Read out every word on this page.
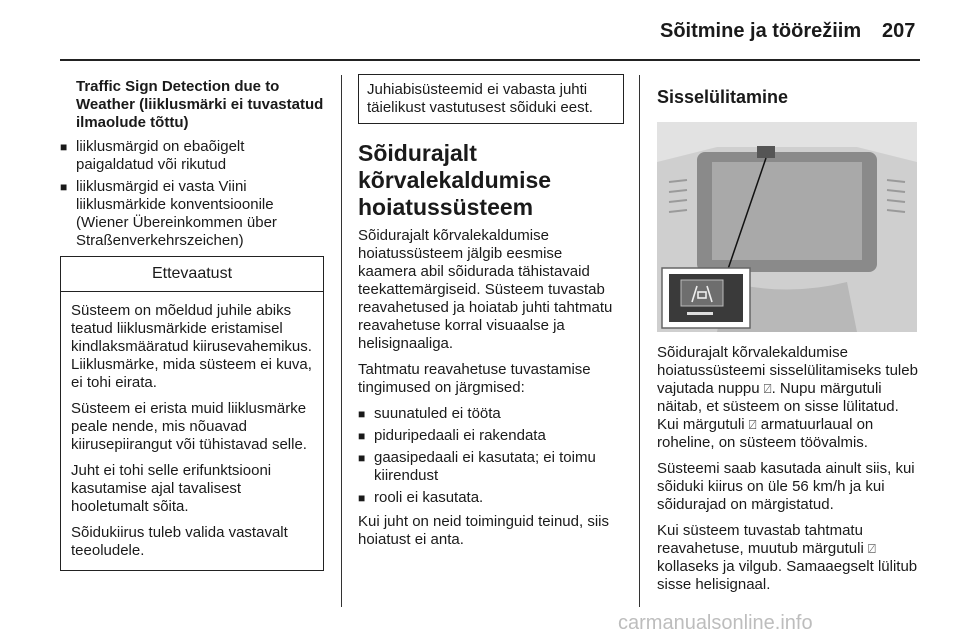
Sõitmine ja töörežiim 207
Traffic Sign Detection due to Weather (liiklusmärki ei tuvastatud ilmaolude tõttu)
■ liiklusmärgid on ebaõigelt paigaldatud või rikutud
■ liiklusmärgid ei vasta Viini liiklusmärkide konventsioonile (Wiener Übereinkommen über Straßenverkehrszeichen)
Ettevaatust

Süsteem on mõeldud juhile abiks teatud liiklusmärkide eristamisel kindlaksmääratud kiirusevahemikus. Liiklusmärke, mida süsteem ei kuva, ei tohi eirata.

Süsteem ei erista muid liiklusmärke peale nende, mis nõuavad kiirusepiirangut või tühistavad selle.

Juht ei tohi selle erifunktsiooni kasutamise ajal tavalisest hooletumalt sõita.

Sõidukiirus tuleb valida vastavalt teeoludele.

Juhiabisüsteemid ei vabasta juhti täielikust vastutusest sõiduki eest.
Sõidurajalt kõrvalekaldumise hoiatussüsteem

Sõidurajalt kõrvalekaldumise hoiatussüsteem jälgib eesmise kaamera abil sõidurada tähistavaid teekattemärgiseid. Süsteem tuvastab reavahetused ja hoiatab juhti tahtmatu reavahetuse korral visuaalse ja helisignaaliga.

Tahtmatu reavahetuse tuvastamise tingimused on järgmised:

■ suunatuled ei tööta
■ piduripedaali ei rakendata
■ gaasipedaali ei kasutata; ei toimu kiirendust
■ rooli ei kasutata.

Kui juht on neid toiminguid teinud, siis hoiatust ei anta.

Sisselülitamine

Sõidurajalt kõrvalekaldumise hoiatussüsteemi sisselülitamiseks tuleb vajutada nuppu ⍁. Nupu märgutuli näitab, et süsteem on sisse lülitatud. Kui märgutuli ⍁ armatuurlaual on roheline, on süsteem töövalmis.

Süsteemi saab kasutada ainult siis, kui sõiduki kiirus on üle 56 km/h ja kui sõidurajad on märgistatud.

Kui süsteem tuvastab tahtmatu reavahetuse, muutub märgutuli ⍁ kollaseks ja vilgub. Samaaegselt lülitub sisse helisignaal.

carmanualsonline.info
